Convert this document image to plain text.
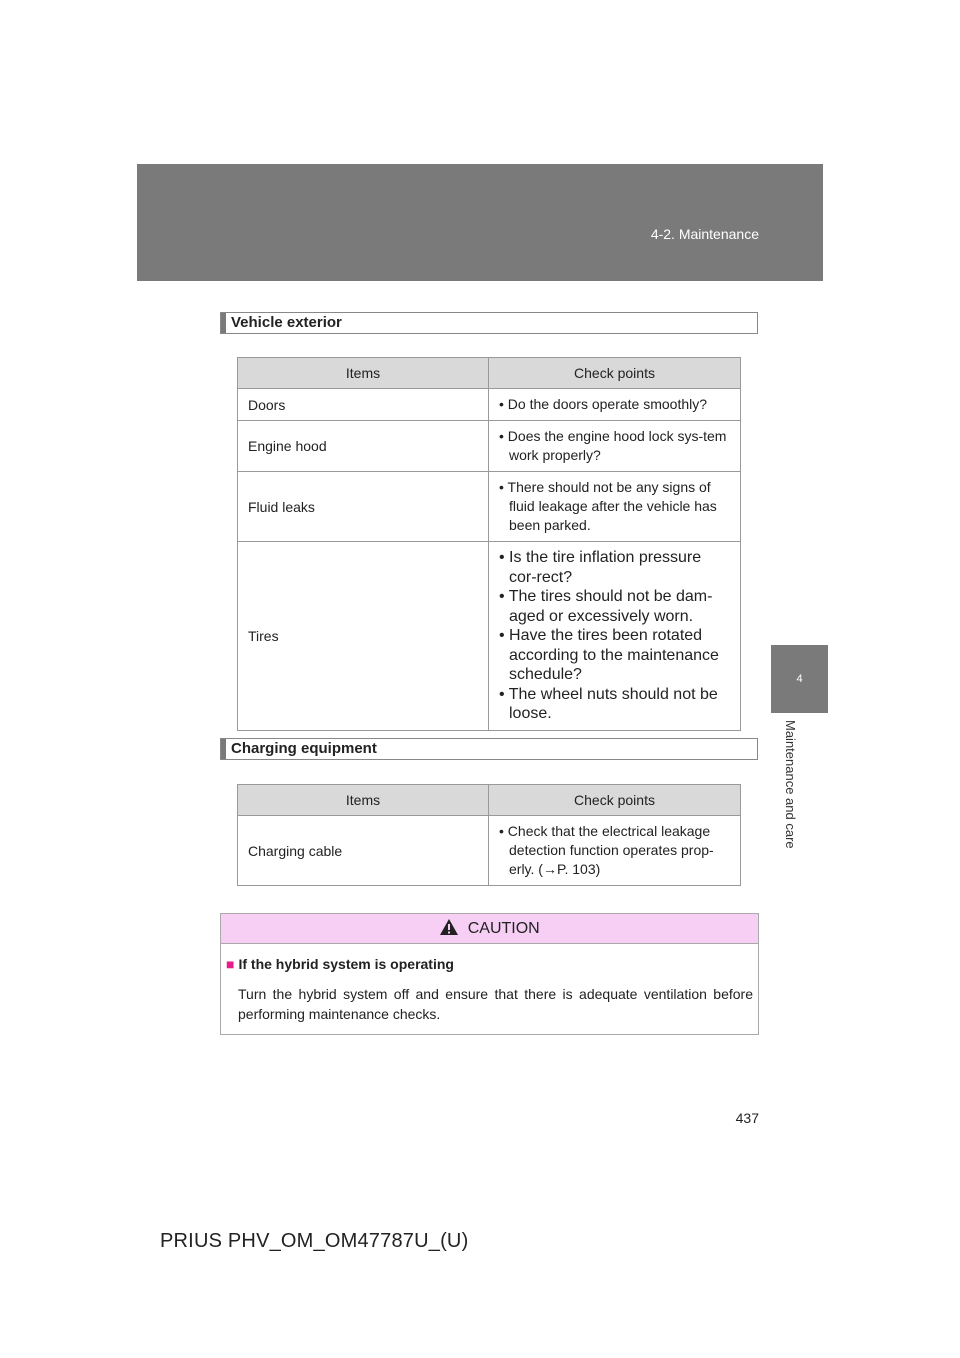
4-2. Maintenance
4
Maintenance and care
Vehicle exterior
Items	Check points
Doors	• Do the doors operate smoothly?

Engine hood	• Does the engine hood lock sys-tem work properly?

Fluid leaks	• There should not be any signs of fluid leakage after the vehicle has been parked.

Tires	• Is the tire inflation pressure cor-rect?
• The tires should not be dam-aged or excessively worn.
• Have the tires been rotated according to the maintenance schedule?
• The wheel nuts should not be loose.
Charging equipment
Items	Check points
Charging cable	• Check that the electrical leakage detection function operates prop-erly. (→P. 103)
CAUTION
■ If the hybrid system is operating
Turn the hybrid system off and ensure that there is adequate ventilation before performing maintenance checks.
437
PRIUS PHV_OM_OM47787U_(U)
